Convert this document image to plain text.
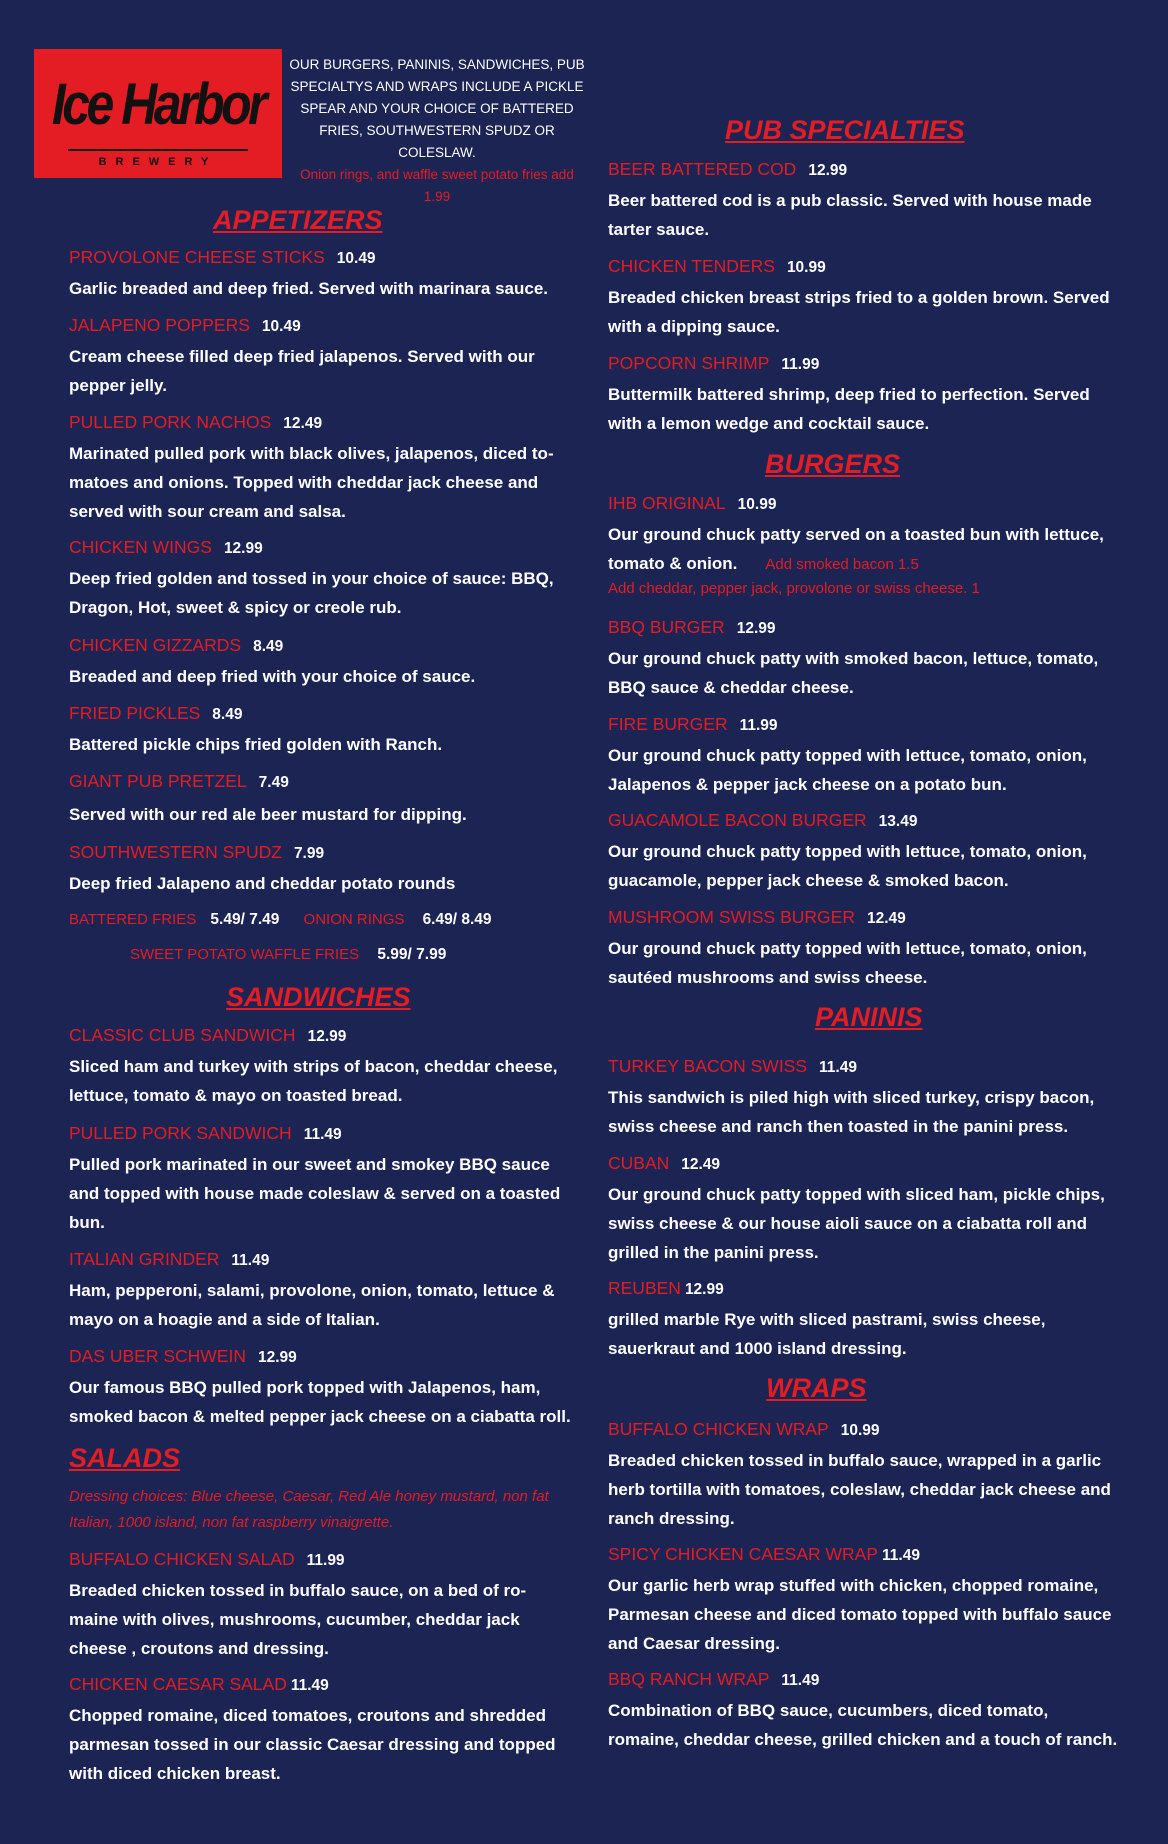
Ice Harbor
BREWERY
OUR BURGERS, PANINIS, SANDWICHES, PUB SPECIALTYS AND WRAPS INCLUDE A PICKLE SPEAR AND YOUR CHOICE OF BATTERED FRIES, SOUTHWESTERN SPUDZ OR COLESLAW.
Onion rings, and waffle sweet potato fries add 1.99
APPETIZERS
PROVOLONE CHEESE STICKS 10.49
Garlic breaded and deep fried. Served with marinara sauce.
JALAPENO POPPERS 10.49
Cream cheese filled deep fried jalapenos. Served with our pepper jelly.
PULLED PORK NACHOS 12.49
Marinated pulled pork with black olives, jalapenos, diced to-matoes and onions. Topped with cheddar jack cheese and served with sour cream and salsa.
CHICKEN WINGS 12.99
Deep fried golden and tossed in your choice of sauce: BBQ, Dragon, Hot, sweet & spicy or creole rub.
CHICKEN GIZZARDS 8.49
Breaded and deep fried with your choice of sauce.
FRIED PICKLES 8.49
Battered pickle chips fried golden with Ranch.
GIANT PUB PRETZEL 7.49
Served with our red ale beer mustard for dipping.
SOUTHWESTERN SPUDZ 7.99
Deep fried Jalapeno and cheddar potato rounds
BATTERED FRIES 5.49/ 7.49 ONION RINGS 6.49/ 8.49
SWEET POTATO WAFFLE FRIES 5.99/ 7.99
SANDWICHES
CLASSIC CLUB SANDWICH 12.99
Sliced ham and turkey with strips of bacon, cheddar cheese, lettuce, tomato & mayo on toasted bread.
PULLED PORK SANDWICH 11.49
Pulled pork marinated in our sweet and smokey BBQ sauce and topped with house made coleslaw & served on a toasted bun.
ITALIAN GRINDER 11.49
Ham, pepperoni, salami, provolone, onion, tomato, lettuce & mayo on a hoagie and a side of Italian.
DAS UBER SCHWEIN 12.99
Our famous BBQ pulled pork topped with Jalapenos, ham, smoked bacon & melted pepper jack cheese on a ciabatta roll.
SALADS
Dressing choices: Blue cheese, Caesar, Red Ale honey mustard, non fat Italian, 1000 island, non fat raspberry vinaigrette.
BUFFALO CHICKEN SALAD 11.99
Breaded chicken tossed in buffalo sauce, on a bed of ro-maine with olives, mushrooms, cucumber, cheddar jack cheese , croutons and dressing.
CHICKEN CAESAR SALAD 11.49
Chopped romaine, diced tomatoes, croutons and shredded parmesan tossed in our classic Caesar dressing and topped with diced chicken breast.
PUB SPECIALTIES
BEER BATTERED COD 12.99
Beer battered cod is a pub classic. Served with house made tarter sauce.
CHICKEN TENDERS 10.99
Breaded chicken breast strips fried to a golden brown. Served with a dipping sauce.
POPCORN SHRIMP 11.99
Buttermilk battered shrimp, deep fried to perfection. Served with a lemon wedge and cocktail sauce.
BURGERS
IHB ORIGINAL 10.99
Our ground chuck patty served on a toasted bun with lettuce, tomato & onion. Add smoked bacon 1.5
Add cheddar, pepper jack, provolone or swiss cheese. 1
BBQ BURGER 12.99
Our ground chuck patty with smoked bacon, lettuce, tomato, BBQ sauce & cheddar cheese.
FIRE BURGER 11.99
Our ground chuck patty topped with lettuce, tomato, onion, Jalapenos & pepper jack cheese on a potato bun.
GUACAMOLE BACON BURGER 13.49
Our ground chuck patty topped with lettuce, tomato, onion, guacamole, pepper jack cheese & smoked bacon.
MUSHROOM SWISS BURGER 12.49
Our ground chuck patty topped with lettuce, tomato, onion, sautéed mushrooms and swiss cheese.
PANINIS
TURKEY BACON SWISS 11.49
This sandwich is piled high with sliced turkey, crispy bacon, swiss cheese and ranch then toasted in the panini press.
CUBAN 12.49
Our ground chuck patty topped with sliced ham, pickle chips, swiss cheese & our house aioli sauce on a ciabatta roll and grilled in the panini press.
REUBEN 12.99
grilled marble Rye with sliced pastrami, swiss cheese, sauerkraut and 1000 island dressing.
WRAPS
BUFFALO CHICKEN WRAP 10.99
Breaded chicken tossed in buffalo sauce, wrapped in a garlic herb tortilla with tomatoes, coleslaw, cheddar jack cheese and ranch dressing.
SPICY CHICKEN CAESAR WRAP 11.49
Our garlic herb wrap stuffed with chicken, chopped romaine, Parmesan cheese and diced tomato topped with buffalo sauce and Caesar dressing.
BBQ RANCH WRAP 11.49
Combination of BBQ sauce, cucumbers, diced tomato, romaine, cheddar cheese, grilled chicken and a touch of ranch.
